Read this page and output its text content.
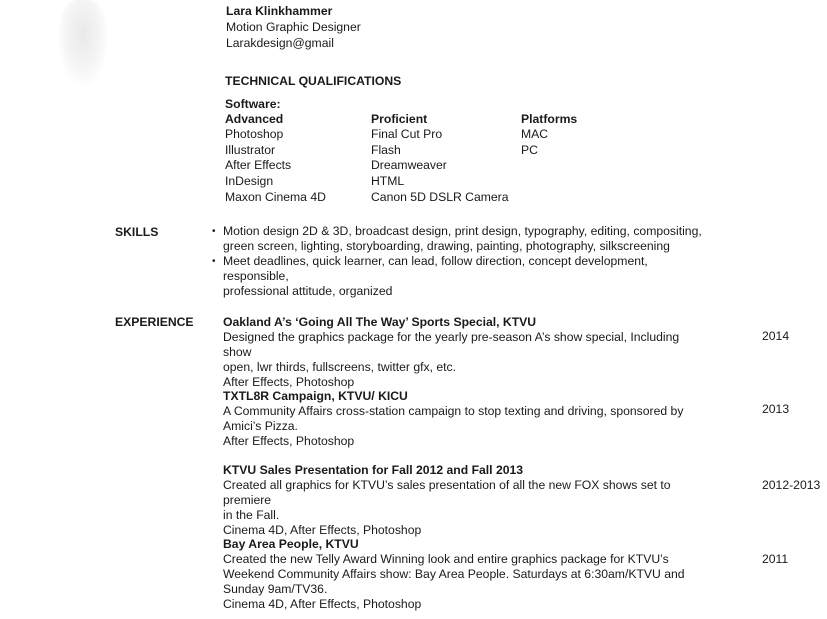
Lara Klinkhammer
Motion Graphic Designer
Larakdesign@gmail
TECHNICAL QUALIFICATIONS
Software:
Advanced
Photoshop
Illustrator
After Effects
InDesign
Maxon Cinema 4D
Proficient
Final Cut Pro
Flash
Dreamweaver
HTML
Canon 5D DSLR Camera
Platforms
MAC
PC
SKILLS
•	Motion design 2D & 3D, broadcast design, print design, typography, editing, compositing,
green screen, lighting, storyboarding, drawing, painting, photography, silkscreening
• Meet deadlines, quick learner, can lead, follow direction, concept development, responsible,
professional attitude, organized
EXPERIENCE Oakland A’s ‘Going All The Way’ Sports Special, KTVU
Designed the graphics package for the yearly pre-season A’s show special, Including show
open, lwr thirds, fullscreens, twitter gfx, etc.
After Effects, Photoshop
2014
TXTL8R Campaign, KTVU/ KICU
A Community Affairs cross-station campaign to stop texting and driving, sponsored by
Amici’s Pizza.
After Effects, Photoshop
2013
KTVU Sales Presentation for Fall 2012 and Fall 2013
Created all graphics for KTVU’s sales presentation of all the new FOX shows set to premiere
in the Fall.
Cinema 4D, After Effects, Photoshop
2012-2013
Bay Area People, KTVU
Created the new Telly Award Winning look and entire graphics package for KTVU’s
Weekend Community Affairs show: Bay Area People. Saturdays at 6:30am/KTVU and
Sunday 9am/TV36.
Cinema 4D, After Effects, Photoshop
2011
